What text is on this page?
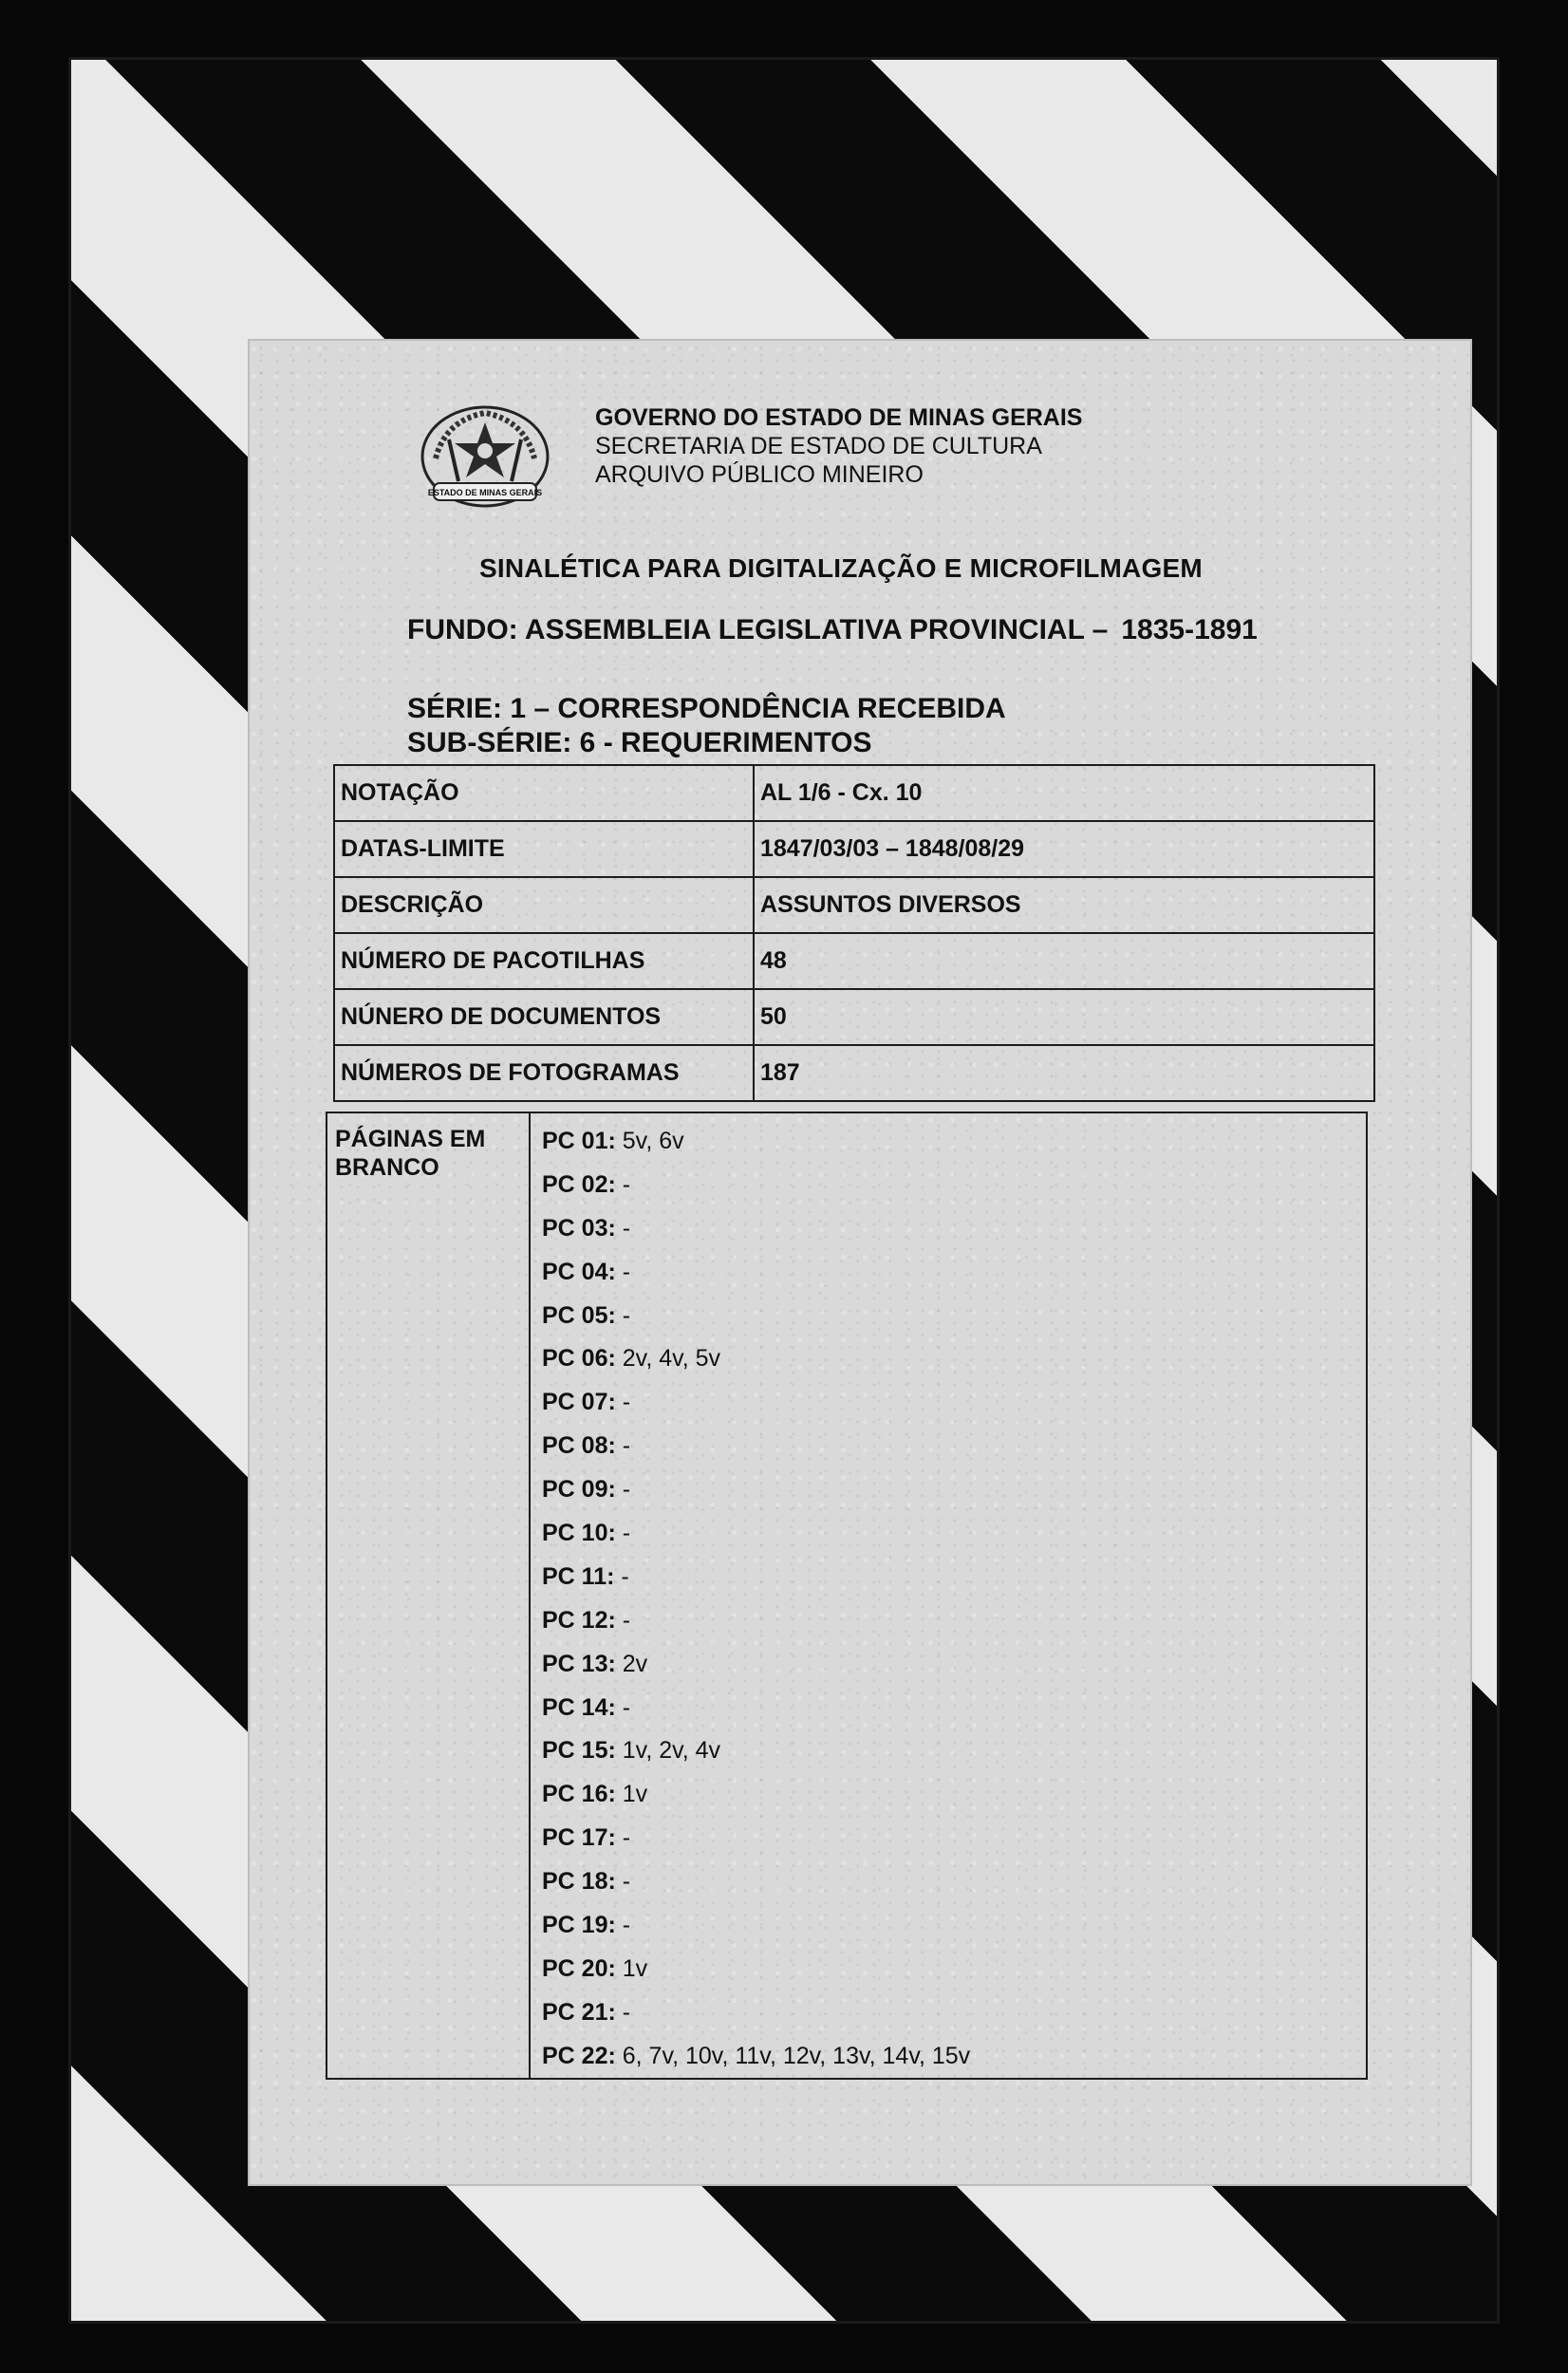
ESTADO DE MINAS GERAIS
GOVERNO DO ESTADO DE MINAS GERAIS
SECRETARIA DE ESTADO DE CULTURA
ARQUIVO PÚBLICO MINEIRO
SINALÉTICA PARA DIGITALIZAÇÃO E MICROFILMAGEM
FUNDO: ASSEMBLEIA LEGISLATIVA PROVINCIAL – 1835-1891
SÉRIE: 1 – CORRESPONDÊNCIA RECEBIDA
SUB-SÉRIE: 6 - REQUERIMENTOS
NOTAÇÃO	AL 1/6 - Cx. 10
DATAS-LIMITE	1847/03/03 – 1848/08/29
DESCRIÇÃO	ASSUNTOS DIVERSOS
NÚMERO DE PACOTILHAS	48
NÚNERO DE DOCUMENTOS	50
NÚMEROS DE FOTOGRAMAS	187
PÁGINAS EM
BRANCO
PC 01: 5v, 6v
PC 02: -
PC 03: -
PC 04: -
PC 05: -
PC 06: 2v, 4v, 5v
PC 07: -
PC 08: -
PC 09: -
PC 10: -
PC 11: -
PC 12: -
PC 13: 2v
PC 14: -
PC 15: 1v, 2v, 4v
PC 16: 1v
PC 17: -
PC 18: -
PC 19: -
PC 20: 1v
PC 21: -
PC 22: 6, 7v, 10v, 11v, 12v, 13v, 14v, 15v
